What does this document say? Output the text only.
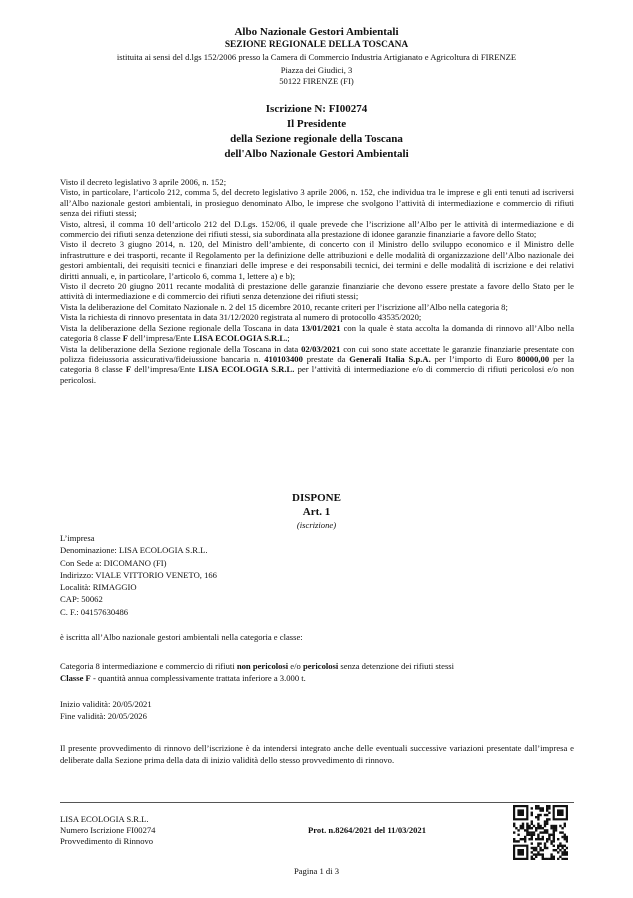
Albo Nazionale Gestori Ambientali
SEZIONE REGIONALE DELLA TOSCANA
istituita ai sensi del d.lgs 152/2006 presso la Camera di Commercio Industria Artigianato e Agricoltura di FIRENZE
Piazza dei Giudici, 3
50122 FIRENZE (FI)
Iscrizione N: FI00274
Il Presidente
della Sezione regionale della Toscana
dell'Albo Nazionale Gestori Ambientali

Visto il decreto legislativo 3 aprile 2006, n. 152;

Visto, in particolare, l’articolo 212, comma 5, del decreto legislativo 3 aprile 2006, n. 152, che individua tra le imprese e gli enti tenuti ad iscriversi all’Albo nazionale gestori ambientali, in prosieguo denominato Albo, le imprese che svolgono l’attività di intermediazione e commercio di rifiuti senza dei rifiuti stessi;

Visto, altresì, il comma 10 dell’articolo 212 del D.Lgs. 152/06, il quale prevede che l’iscrizione all’Albo per le attività di intermediazione e di commercio dei rifiuti senza detenzione dei rifiuti stessi, sia subordinata alla prestazione di idonee garanzie finanziarie a favore dello Stato;

Visto il decreto 3 giugno 2014, n. 120, del Ministro dell’ambiente, di concerto con il Ministro dello sviluppo economico e il Ministro delle infrastrutture e dei trasporti, recante il Regolamento per la definizione delle attribuzioni e delle modalità di organizzazione dell’Albo nazionale dei gestori ambientali, dei requisiti tecnici e finanziari delle imprese e dei responsabili tecnici, dei termini e delle modalità di iscrizione e dei relativi diritti annuali, e, in particolare, l’articolo 6, comma 1, lettere a) e b);

Visto il decreto 20 giugno 2011 recante modalità di prestazione delle garanzie finanziarie che devono essere prestate a favore dello Stato per le attività di intermediazione e di commercio dei rifiuti senza detenzione dei rifiuti stessi;

Vista la deliberazione del Comitato Nazionale n. 2 del 15 dicembre 2010, recante criteri per l’iscrizione all’Albo nella categoria 8;

Vista la richiesta di rinnovo presentata in data 31/12/2020 registrata al numero di protocollo 43535/2020;

Vista la deliberazione della Sezione regionale della Toscana in data 13/01/2021 con la quale è stata accolta la domanda di rinnovo all’Albo nella categoria 8 classe F dell’impresa/Ente LISA ECOLOGIA S.R.L.;

Vista la deliberazione della Sezione regionale della Toscana in data 02/03/2021 con cui sono state accettate le garanzie finanziarie presentate con polizza fideiussoria assicurativa/fideiussione bancaria n. 410103400 prestate da Generali Italia S.p.A. per l’importo di Euro 80000,00 per la categoria 8 classe F dell’impresa/Ente LISA ECOLOGIA S.R.L. per l’attività di intermediazione e/o di commercio di rifiuti pericolosi e/o non pericolosi.

DISPONE
Art. 1
(iscrizione)
L’impresa
Denominazione: LISA ECOLOGIA S.R.L.
Con Sede a: DICOMANO (FI)
Indirizzo: VIALE VITTORIO VENETO, 166
Località: RIMAGGIO
CAP: 50062
C. F.: 04157630486
è iscritta all’Albo nazionale gestori ambientali nella categoria e classe:
Categoria 8 intermediazione e commercio di rifiuti non pericolosi e/o pericolosi senza detenzione dei rifiuti stessi
Classe F - quantità annua complessivamente trattata inferiore a 3.000 t.
Inizio validità: 20/05/2021
Fine validità: 20/05/2026

Il presente provvedimento di rinnovo dell’iscrizione è da intendersi integrato anche delle eventuali successive variazioni presentate dall’impresa e deliberate dalla Sezione prima della data di inizio validità dello stesso provvedimento di rinnovo.

LISA ECOLOGIA S.R.L.
Numero Iscrizione FI00274
Provvedimento di Rinnovo
Prot. n.8264/2021 del 11/03/2021
Pagina 1 di 3
